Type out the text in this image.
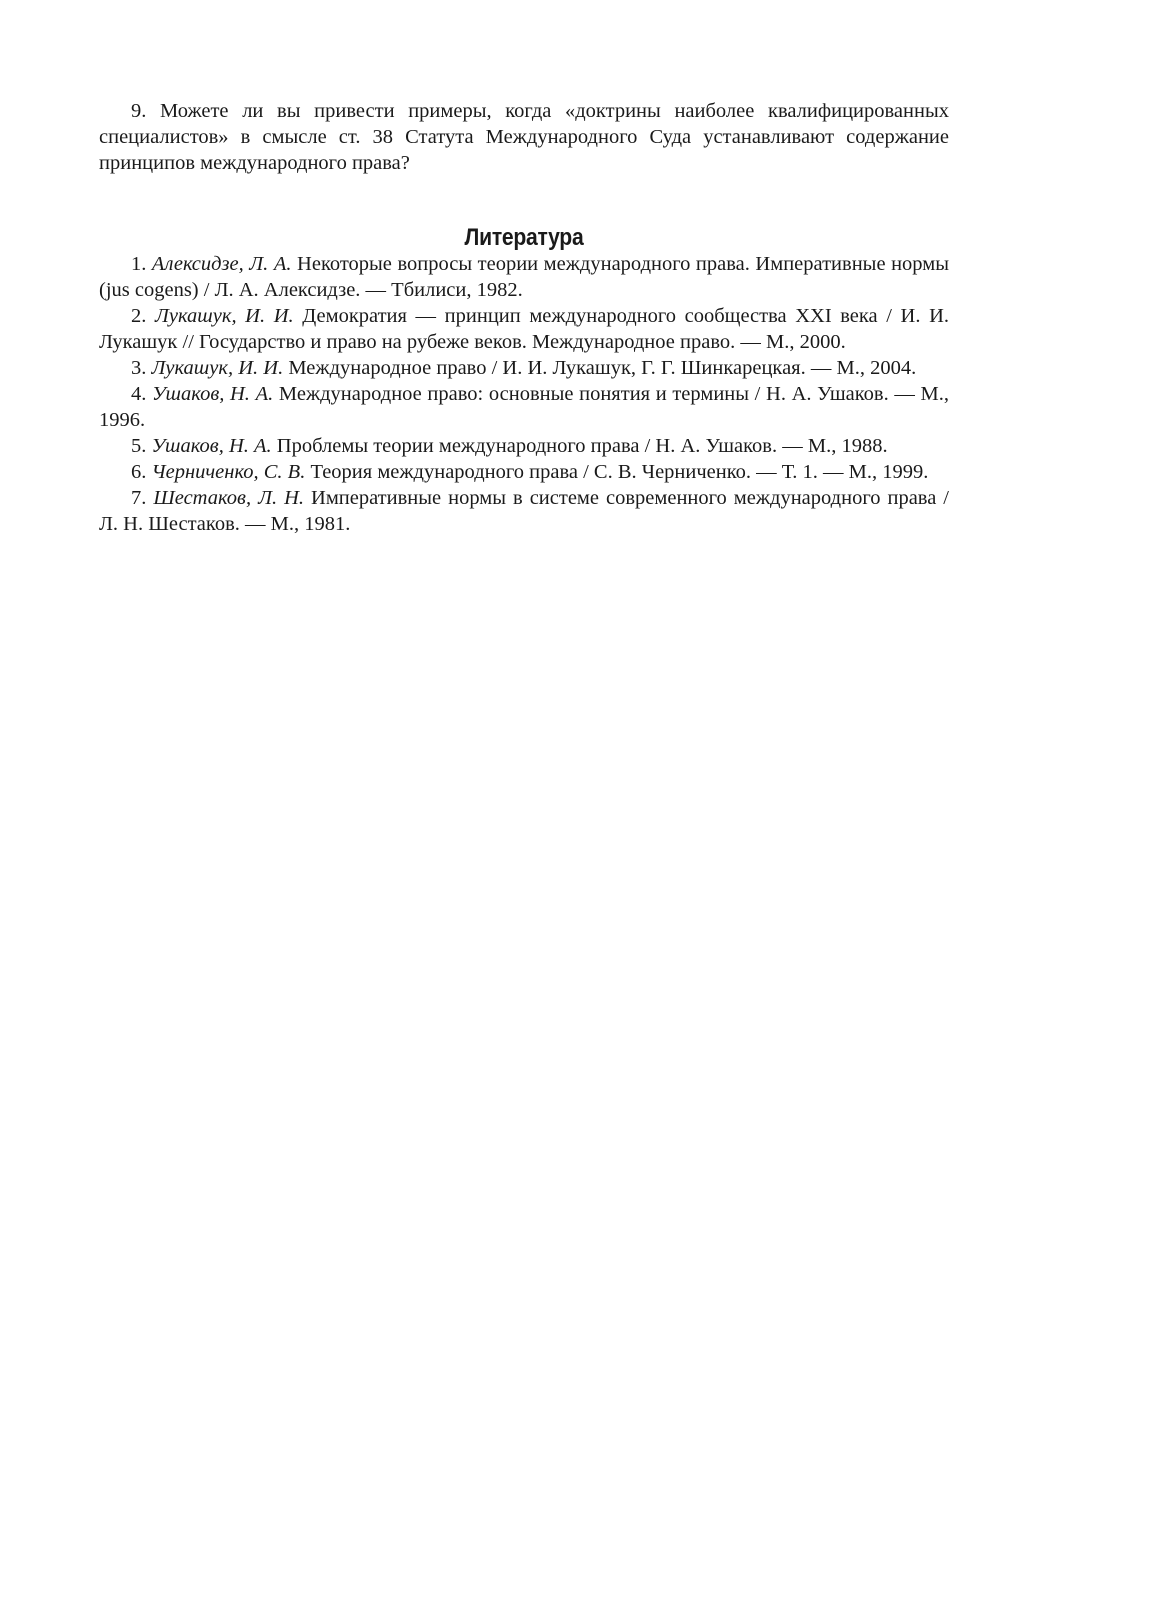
9. Можете ли вы привести примеры, когда «доктрины наиболее квалифицированных специалистов» в смысле ст. 38 Статута Международного Суда устанавливают содержание принципов международного права?

Литература
1. Алексидзе, Л. А. Некоторые вопросы теории международного права. Императивные нормы (jus cogens) / Л. А. Алексидзе. — Тбилиси, 1982.
2. Лукашук, И. И. Демократия — принцип международного сообщества XXI века / И. И. Лукашук // Государство и право на рубеже веков. Международное право. — М., 2000.
3. Лукашук, И. И. Международное право / И. И. Лукашук, Г. Г. Шинкарецкая. — М., 2004.
4. Ушаков, Н. А. Международное право: основные понятия и термины / Н. А. Ушаков. — М., 1996.
5. Ушаков, Н. А. Проблемы теории международного права / Н. А. Ушаков. — М., 1988.
6. Черниченко, С. В. Теория международного права / С. В. Черниченко. — Т. 1. — М., 1999.
7. Шестаков, Л. Н. Императивные нормы в системе современного международного права / Л. Н. Шестаков. — М., 1981.
